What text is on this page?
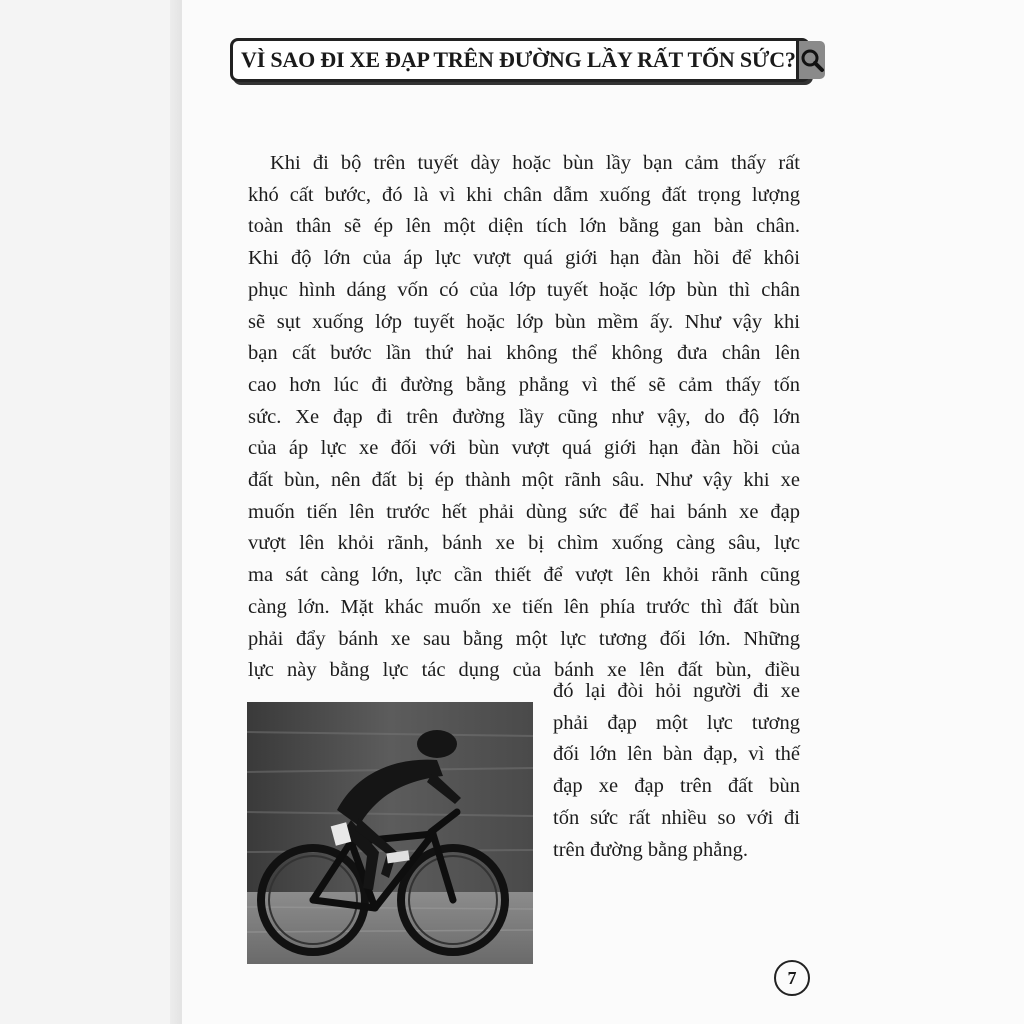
VÌ SAO ĐI XE ĐẠP TRÊN ĐƯỜNG LẦY RẤT TỐN SỨC?

Khi đi bộ trên tuyết dày hoặc bùn lầy bạn cảm thấy rất

khó cất bước, đó là vì khi chân dẫm xuống đất trọng lượng

toàn thân sẽ ép lên một diện tích lớn bằng gan bàn chân.

Khi độ lớn của áp lực vượt quá giới hạn đàn hồi để khôi

phục hình dáng vốn có của lớp tuyết hoặc lớp bùn thì chân

sẽ sụt xuống lớp tuyết hoặc lớp bùn mềm ấy. Như vậy khi

bạn cất bước lần thứ hai không thể không đưa chân lên

cao hơn lúc đi đường bằng phẳng vì thế sẽ cảm thấy tốn

sức. Xe đạp đi trên đường lầy cũng như vậy, do độ lớn

của áp lực xe đối với bùn vượt quá giới hạn đàn hồi của

đất bùn, nên đất bị ép thành một rãnh sâu. Như vậy khi xe

muốn tiến lên trước hết phải dùng sức để hai bánh xe đạp

vượt lên khỏi rãnh, bánh xe bị chìm xuống càng sâu, lực

ma sát càng lớn, lực cần thiết để vượt lên khỏi rãnh cũng

càng lớn. Mặt khác muốn xe tiến lên phía trước thì đất bùn

phải đẩy bánh xe sau bằng một lực tương đối lớn. Những

lực này bằng lực tác dụng của bánh xe lên đất bùn, điều

đó lại đòi hỏi người đi xe

phải đạp một lực tương

đối lớn lên bàn đạp, vì thế

đạp xe đạp trên đất bùn

tốn sức rất nhiều so với đi

trên đường bằng phẳng.

7
